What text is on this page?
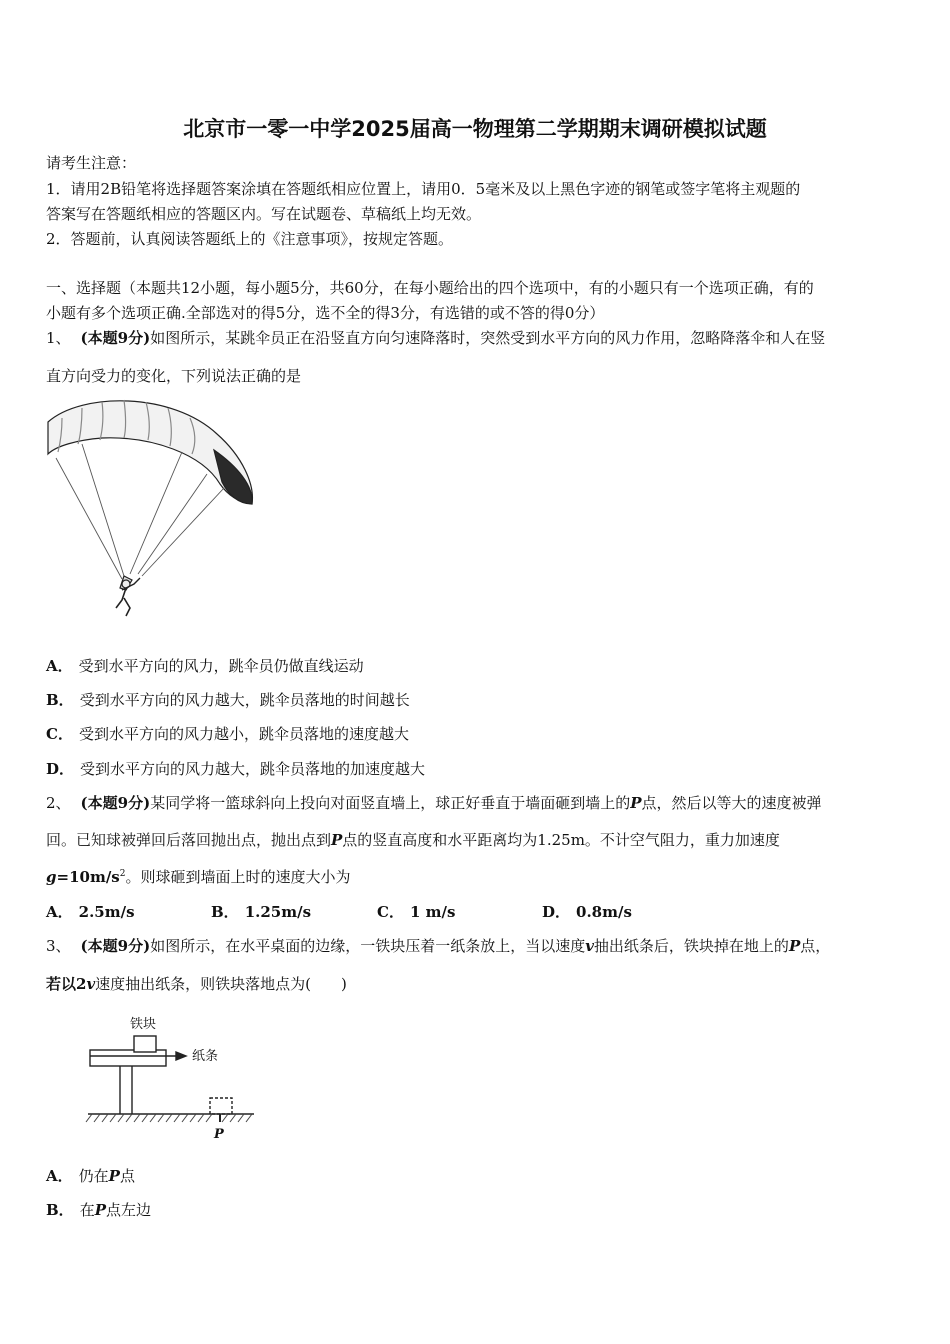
北京市一零一中学2025届高一物理第二学期期末调研模拟试题
请考生注意：
1．请用2B铅笔将选择题答案涂填在答题纸相应位置上，请用0．5毫米及以上黑色字迹的钢笔或签字笔将主观题的
答案写在答题纸相应的答题区内。写在试题卷、草稿纸上均无效。
2．答题前，认真阅读答题纸上的《注意事项》，按规定答题。
一、选择题（本题共12小题，每小题5分，共60分，在每小题给出的四个选项中，有的小题只有一个选项正确，有的
小题有多个选项正确.全部选对的得5分，选不全的得3分，有选错的或不答的得0分）
1、 (本题9分)如图所示，某跳伞员正在沿竖直方向匀速降落时，突然受到水平方向的风力作用，忽略降落伞和人在竖
直方向受力的变化，下列说法正确的是
A． 受到水平方向的风力，跳伞员仍做直线运动
B． 受到水平方向的风力越大，跳伞员落地的时间越长
C． 受到水平方向的风力越小，跳伞员落地的速度越大
D． 受到水平方向的风力越大，跳伞员落地的加速度越大
2、 (本题9分)某同学将一篮球斜向上投向对面竖直墙上，球正好垂直于墙面砸到墙上的P点，然后以等大的速度被弹
回。已知球被弹回后落回抛出点，抛出点到P点的竖直高度和水平距离均为1.25m。不计空气阻力，重力加速度
$g=10m/s^2$。则球砸到墙面上时的速度大小为
A． 2.5m/s	B． 1.25m/s	C． 1 m/s	D． 0.8m/s
3、 (本题9分)如图所示，在水平桌面的边缘，一铁块压着一纸条放上，当以速度v抽出纸条后，铁块掉在地上的P点，
若以2v速度抽出纸条，则铁块落地点为(　　)
铁块
纸条
P
A． 仍在P点
B． 在P点左边
